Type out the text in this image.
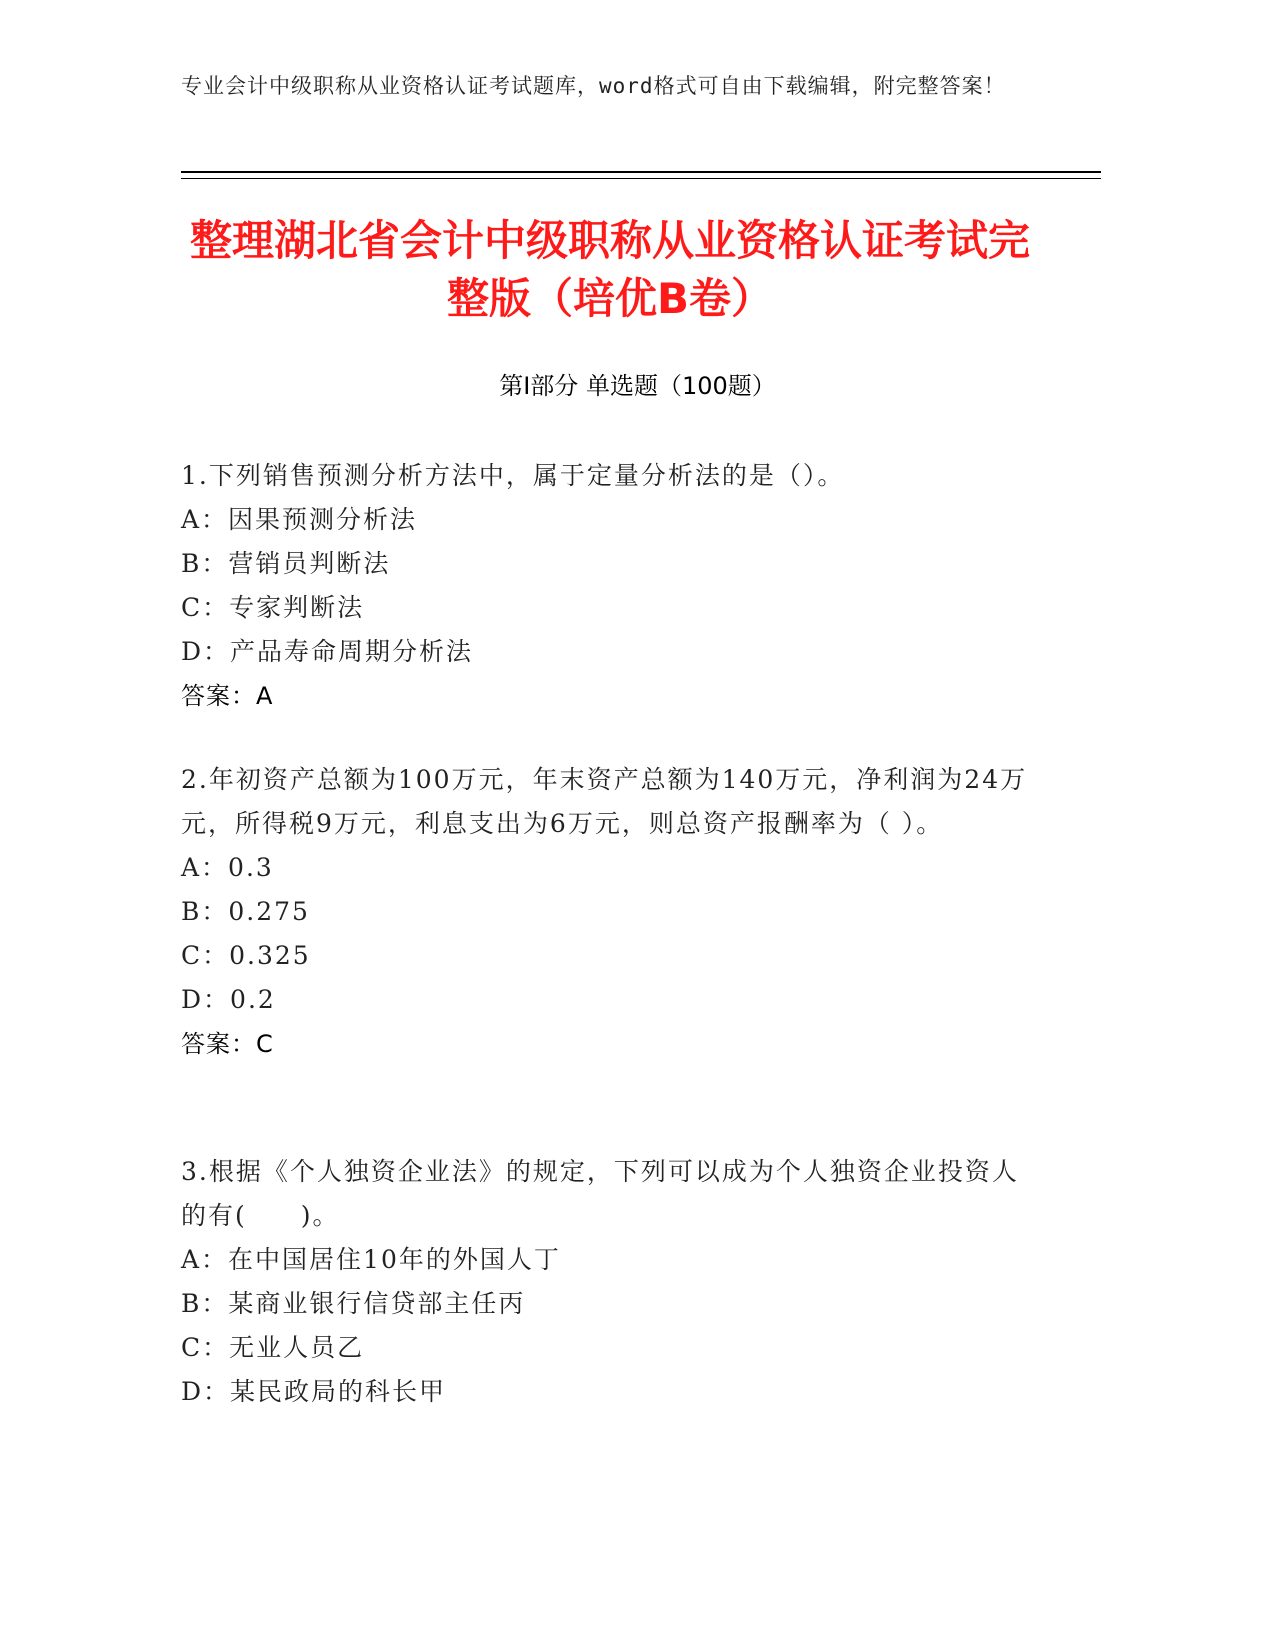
专业会计中级职称从业资格认证考试题库，word格式可自由下载编辑，附完整答案！
整理湖北省会计中级职称从业资格认证考试完整版（培优B卷）
第I部分 单选题（100题）
1.下列销售预测分析方法中，属于定量分析法的是（）。
A：因果预测分析法
B：营销员判断法
C：专家判断法
D：产品寿命周期分析法
答案：A
2.年初资产总额为100万元，年末资产总额为140万元，净利润为24万元，所得税9万元，利息支出为6万元，则总资产报酬率为（ ）。
A：0.3
B：0.275
C：0.325
D：0.2
答案：C
3.根据《个人独资企业法》的规定，下列可以成为个人独资企业投资人的有(　　)。
A：在中国居住10年的外国人丁
B：某商业银行信贷部主任丙
C：无业人员乙
D：某民政局的科长甲
